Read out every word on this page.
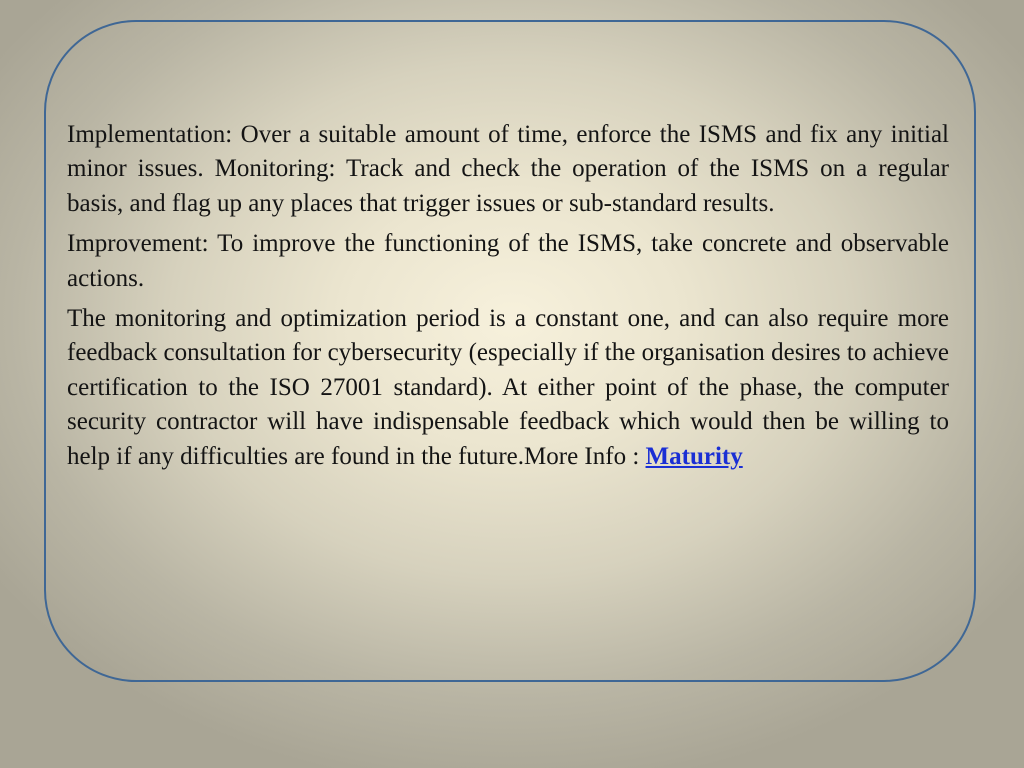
Implementation: Over a suitable amount of time, enforce the ISMS and fix any initial minor issues. Monitoring: Track and check the operation of the ISMS on a regular basis, and flag up any places that trigger issues or sub-standard results.

Improvement: To improve the functioning of the ISMS, take concrete and observable actions.

The monitoring and optimization period is a constant one, and can also require more feedback consultation for cybersecurity (especially if the organisation desires to achieve certification to the ISO 27001 standard). At either point of the phase, the computer security contractor will have indispensable feedback which would then be willing to help if any difficulties are found in the future.More Info : Maturity
